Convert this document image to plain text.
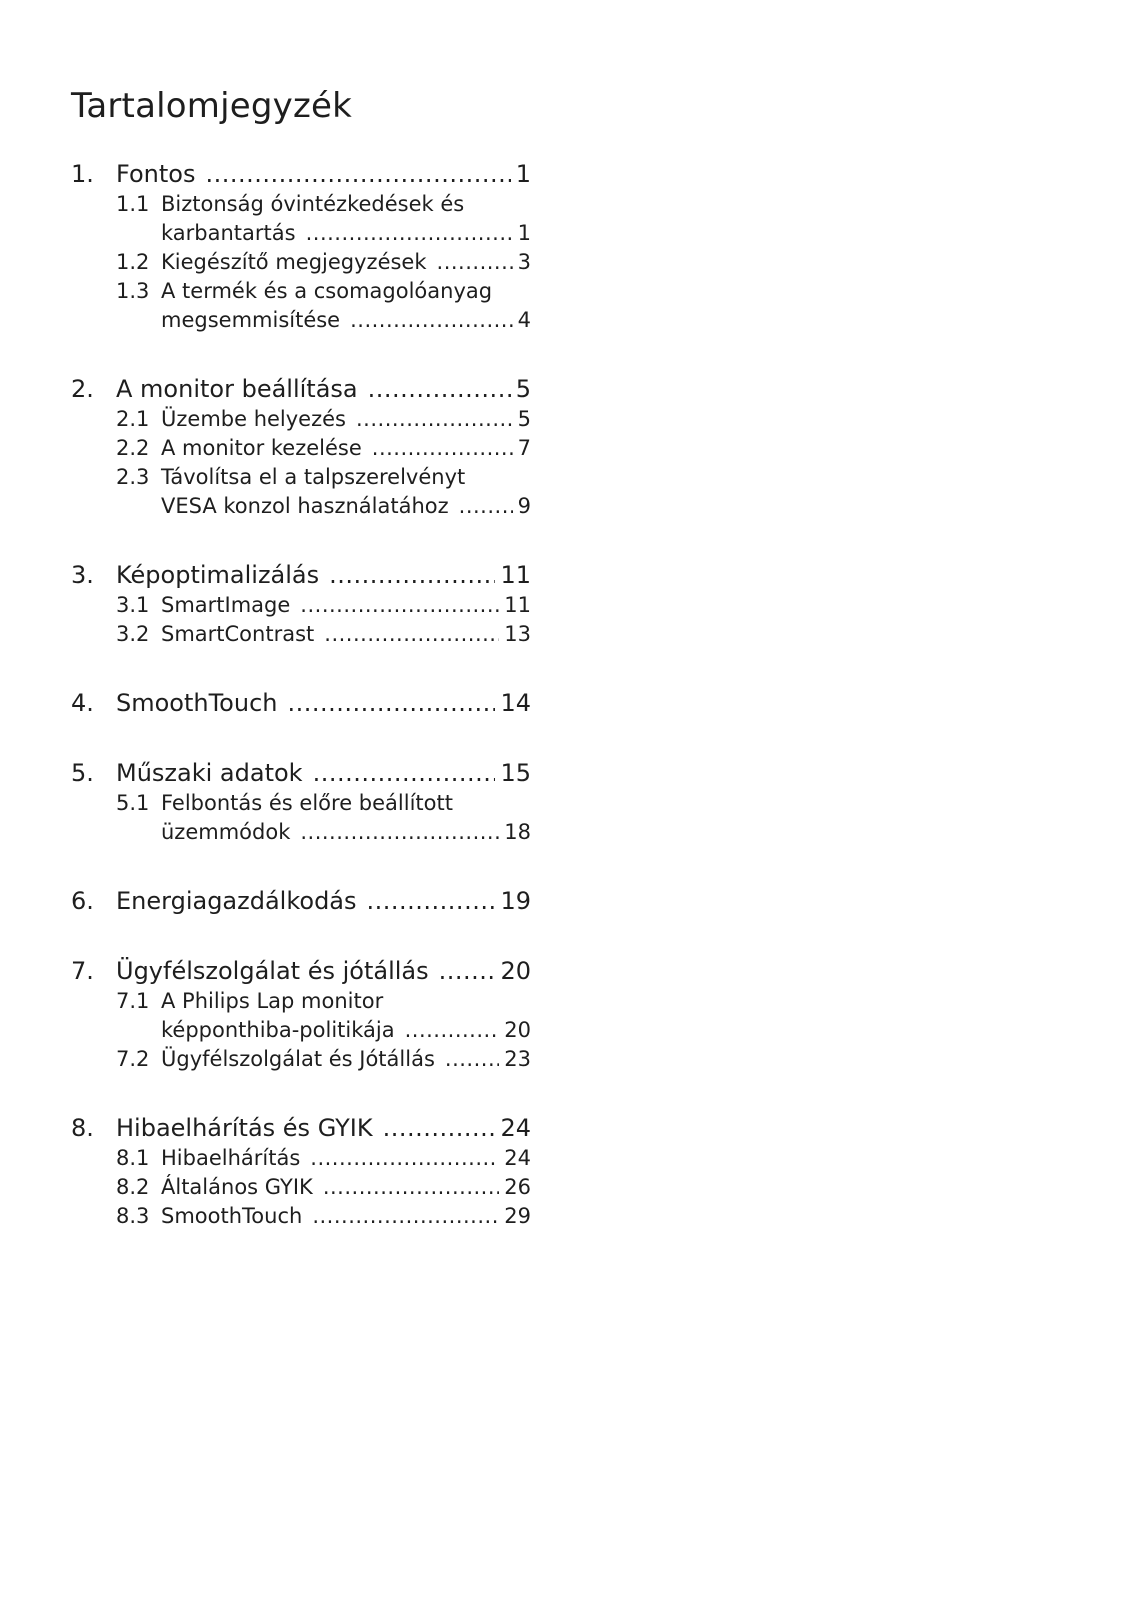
Tartalomjegyzék
1. Fontos .....	1
1.1 Biztonság óvintézkedések és
karbantartás .....	1
1.2 Kiegészítő megjegyzések .....	3
1.3 A termék és a csomagolóanyag
megsemmisítése .....	4
2. A monitor beállítása .....	5
2.1 Üzembe helyezés .....	5
2.2 A monitor kezelése .....	7
2.3 Távolítsa el a talpszerelvényt
VESA konzol használatához .....	9
3. Képoptimalizálás .....	11
3.1 SmartImage .....	11
3.2 SmartContrast .....	13
4. SmoothTouch .....	14
5. Műszaki adatok .....	15
5.1 Felbontás és előre beállított
üzemmódok .....	18
6. Energiagazdálkodás .....	19
7. Ügyfélszolgálat és jótállás .....	20
7.1 A Philips Lap monitor
képponthiba-politikája .....	20
7.2 Ügyfélszolgálat és Jótállás .....	23
8. Hibaelhárítás és GYIK .....	24
8.1 Hibaelhárítás .....	24
8.2 Általános GYIK .....	26
8.3 SmoothTouch .....	29
